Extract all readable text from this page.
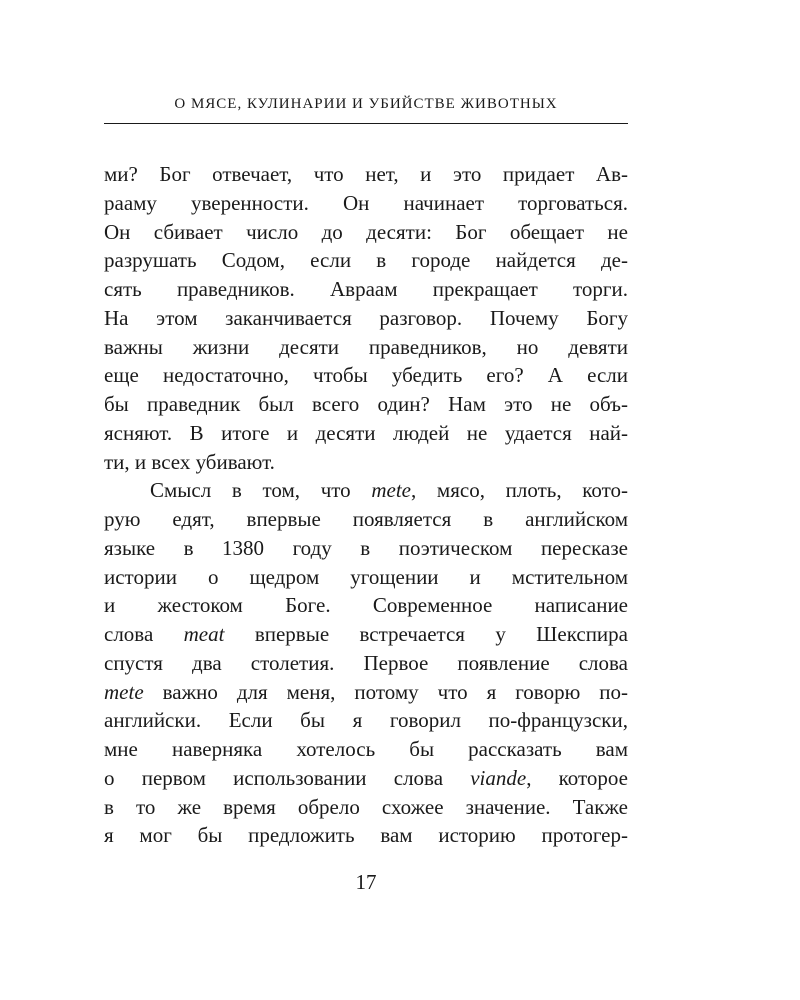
О МЯСЕ, КУЛИНАРИИ И УБИЙСТВЕ ЖИВОТНЫХ
ми? Бог отвечает, что нет, и это придает Ав-
рааму уверенности. Он начинает торговаться.
Он сбивает число до десяти: Бог обещает не
разрушать Содом, если в городе найдется де-
сять праведников. Авраам прекращает торги.
На этом заканчивается разговор. Почему Богу
важны жизни десяти праведников, но девяти
еще недостаточно, чтобы убедить его? А если
бы праведник был всего один? Нам это не объ-
ясняют. В итоге и десяти людей не удается най-
ти, и всех убивают.
Смысл в том, что mete, мясо, плоть, кото-
рую едят, впервые появляется в английском
языке в 1380 году в поэтическом пересказе
истории о щедром угощении и мстительном
и жестоком Боге. Современное написание
слова meat впервые встречается у Шекспира
спустя два столетия. Первое появление слова
mete важно для меня, потому что я говорю по-
английски. Если бы я говорил по-французски,
мне наверняка хотелось бы рассказать вам
о первом использовании слова viande, которое
в то же время обрело схожее значение. Также
я мог бы предложить вам историю протогер-
17
